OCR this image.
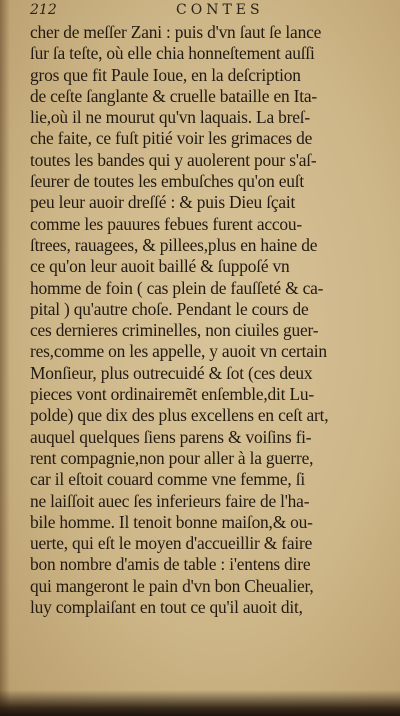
212	CONTES
cher de meſſer Zani : puis d'vn ſaut ſe lance
ſur ſa teſte, où elle chia honneſtement auſſi
gros que fit Paule Ioue, en la deſcription
de ceſte ſanglante & cruelle bataille en Ita-
lie,où il ne mourut qu'vn laquais. La breſ-
che faite, ce fuſt pitié voir les grimaces de
toutes les bandes qui y auolerent pour s'aſ-
ſeurer de toutes les embuſches qu'on euſt
peu leur auoir dreſſé : & puis Dieu ſçait
comme les pauures febues furent accou-
ſtrees, rauagees, & pillees,plus en haine de
ce qu'on leur auoit baillé & ſuppoſé vn
homme de foin ( cas plein de fauſſeté & ca-
pital ) qu'autre choſe. Pendant le cours de
ces dernieres criminelles, non ciuiles guer-
res,comme on les appelle, y auoit vn certain
Monſieur, plus outrecuidé & ſot (ces deux
pieces vont ordinairemẽt enſemble,dit Lu-
polde) que dix des plus excellens en ceſt art,
auquel quelques ſiens parens & voiſins fi-
rent compagnie,non pour aller à la guerre,
car il eſtoit couard comme vne femme, ſi
ne laiſſoit auec ſes inferieurs faire de l'ha-
bile homme. Il tenoit bonne maiſon,& ou-
uerte, qui eſt le moyen d'accueillir & faire
bon nombre d'amis de table : i'entens dire
qui mangeront le pain d'vn bon Cheualier,
luy complaiſant en tout ce qu'il auoit dit,
